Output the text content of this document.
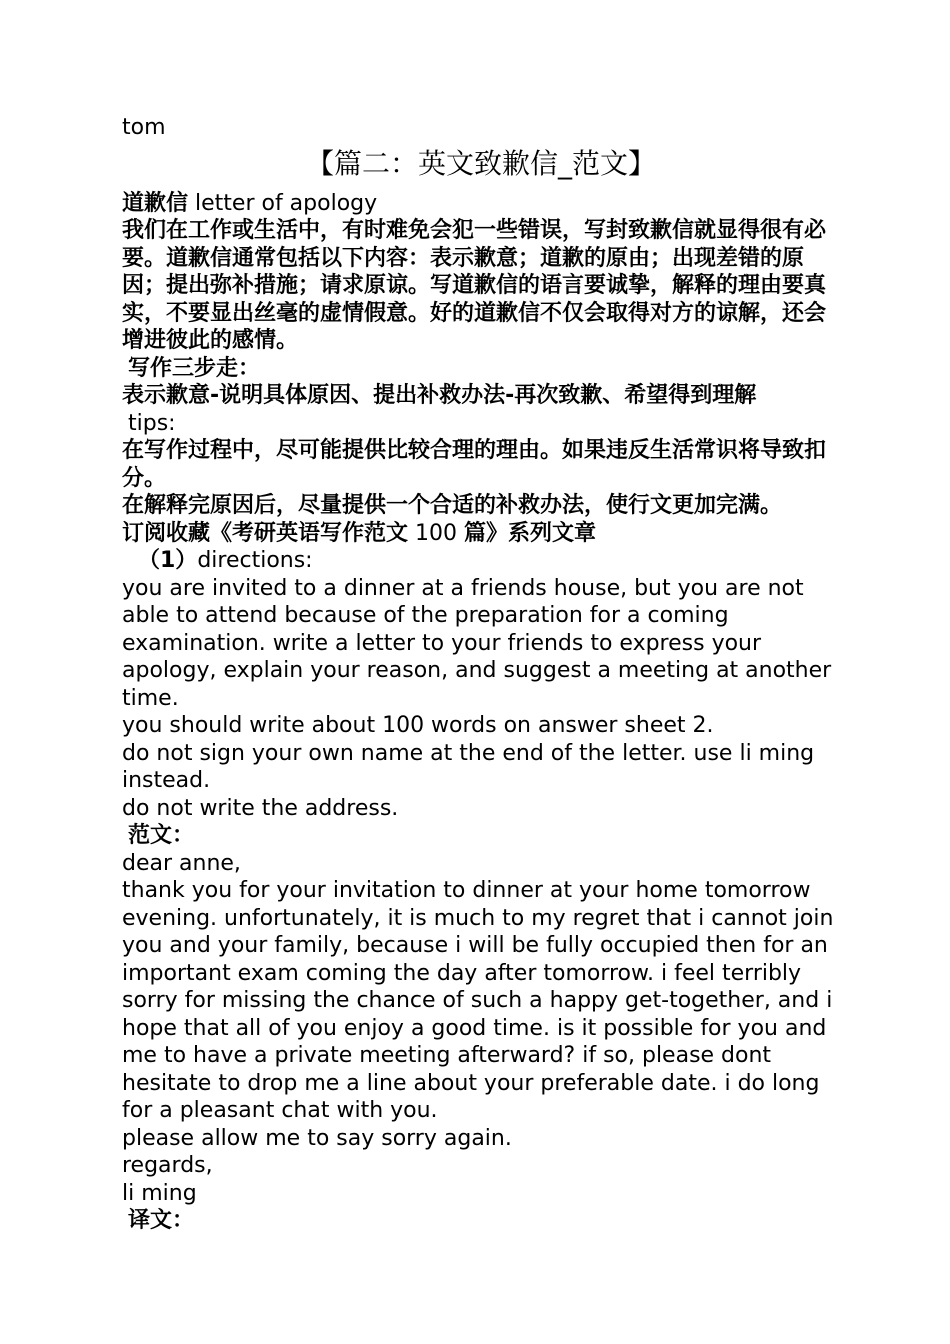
tom

【篇二：英文致歉信_范文】

道歉信 letter of apology

我们在工作或生活中，有时难免会犯一些错误，写封致歉信就显得很有必要。道歉信通常包括以下内容：表示歉意；道歉的原由；出现差错的原因；提出弥补措施；请求原谅。写道歉信的语言要诚挚，解释的理由要真实，不要显出丝毫的虚情假意。好的道歉信不仅会取得对方的谅解，还会增进彼此的感情。

写作三步走：

表示歉意-说明具体原因、提出补救办法-再次致歉、希望得到理解

tips:

在写作过程中，尽可能提供比较合理的理由。如果违反生活常识将导致扣分。

在解释完原因后，尽量提供一个合适的补救办法，使行文更加完满。

订阅收藏《考研英语写作范文 100 篇》系列文章

（1）directions:

you are invited to a dinner at a friends house, but you are not able to attend because of the preparation for a coming examination. write a letter to your friends to express your apology, explain your reason, and suggest a meeting at another time.

you should write about 100 words on answer sheet 2.

do not sign your own name at the end of the letter. use li ming instead.

do not write the address.

范文：

dear anne,

thank you for your invitation to dinner at your home tomorrow evening. unfortunately, it is much to my regret that i cannot join you and your family, because i will be fully occupied then for an important exam coming the day after tomorrow. i feel terribly sorry for missing the chance of such a happy get-together, and i hope that all of you enjoy a good time. is it possible for you and me to have a private meeting afterward? if so, please dont hesitate to drop me a line about your preferable date. i do long for a pleasant chat with you.

please allow me to say sorry again.

regards,

li ming

译文：
